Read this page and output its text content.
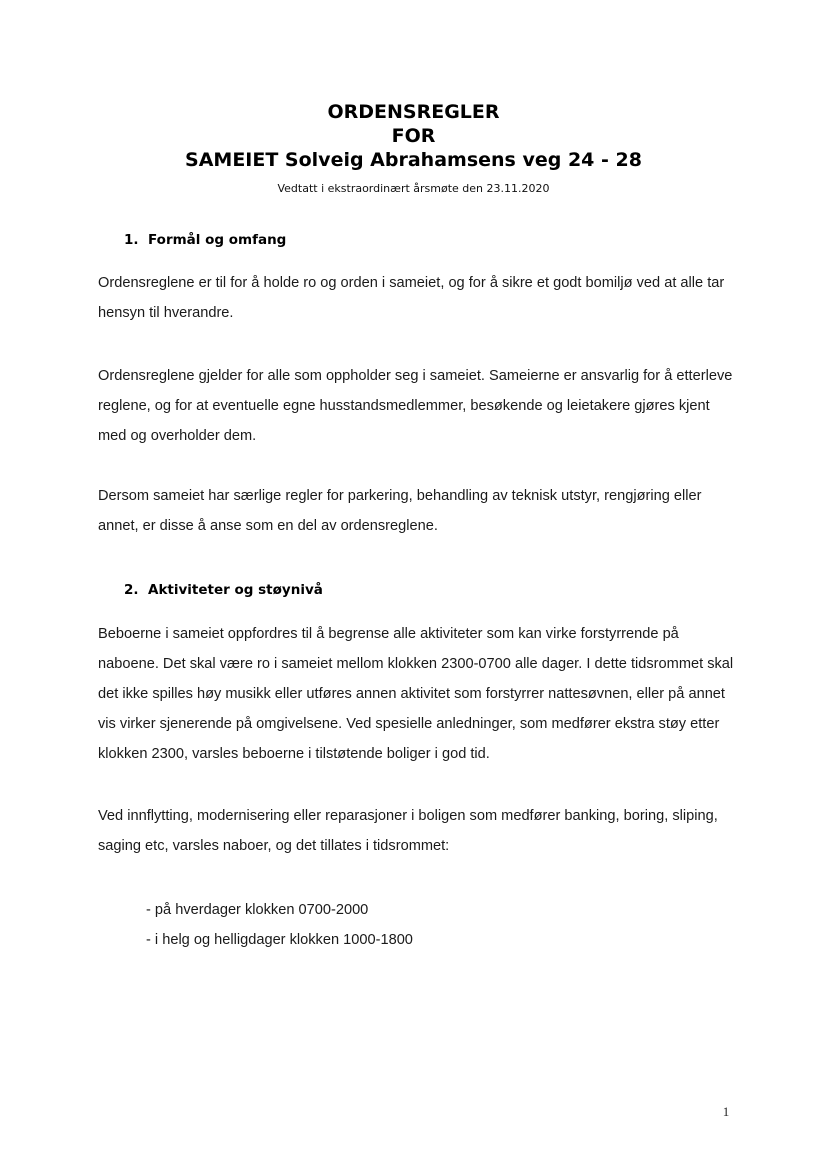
ORDENSREGLER
FOR
SAMEIET Solveig Abrahamsens veg 24 - 28
Vedtatt i ekstraordinært årsmøte den 23.11.2020
1. Formål og omfang

Ordensreglene er til for å holde ro og orden i sameiet, og for å sikre et godt bomiljø ved at alle tar hensyn til hverandre.

Ordensreglene gjelder for alle som oppholder seg i sameiet. Sameierne er ansvarlig for å etterleve reglene, og for at eventuelle egne husstandsmedlemmer, besøkende og leietakere gjøres kjent med og overholder dem.

Dersom sameiet har særlige regler for parkering, behandling av teknisk utstyr, rengjøring eller annet, er disse å anse som en del av ordensreglene.

2. Aktiviteter og støynivå

Beboerne i sameiet oppfordres til å begrense alle aktiviteter som kan virke forstyrrende på naboene. Det skal være ro i sameiet mellom klokken 2300-0700 alle dager. I dette tidsrommet skal det ikke spilles høy musikk eller utføres annen aktivitet som forstyrrer nattesøvnen, eller på annet vis virker sjenerende på omgivelsene. Ved spesielle anledninger, som medfører ekstra støy etter klokken 2300, varsles beboerne i tilstøtende boliger i god tid.

Ved innflytting, modernisering eller reparasjoner i boligen som medfører banking, boring, sliping, saging etc, varsles naboer, og det tillates i tidsrommet:

- på hverdager klokken 0700-2000
- i helg og helligdager klokken 1000-1800
1
